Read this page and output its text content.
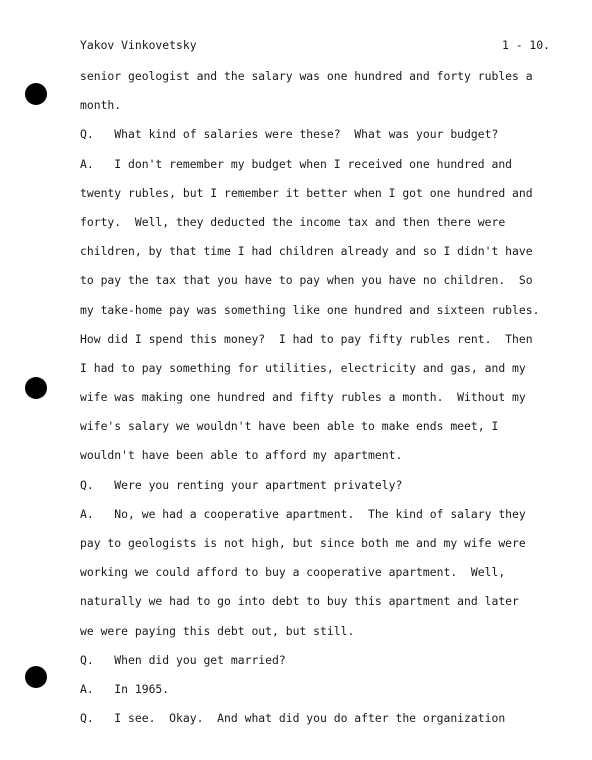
Yakov Vinkovetsky	1 - 10.
senior geologist and the salary was one hundred and forty rubles a
month.
Q.   What kind of salaries were these?  What was your budget?
A.   I don't remember my budget when I received one hundred and
twenty rubles, but I remember it better when I got one hundred and
forty.  Well, they deducted the income tax and then there were
children, by that time I had children already and so I didn't have
to pay the tax that you have to pay when you have no children.  So
my take-home pay was something like one hundred and sixteen rubles.
How did I spend this money?  I had to pay fifty rubles rent.  Then
I had to pay something for utilities, electricity and gas, and my
wife was making one hundred and fifty rubles a month.  Without my
wife's salary we wouldn't have been able to make ends meet, I
wouldn't have been able to afford my apartment.
Q.   Were you renting your apartment privately?
A.   No, we had a cooperative apartment.  The kind of salary they
pay to geologists is not high, but since both me and my wife were
working we could afford to buy a cooperative apartment.  Well,
naturally we had to go into debt to buy this apartment and later
we were paying this debt out, but still.
Q.   When did you get married?
A.   In 1965.
Q.   I see.  Okay.  And what did you do after the organization
